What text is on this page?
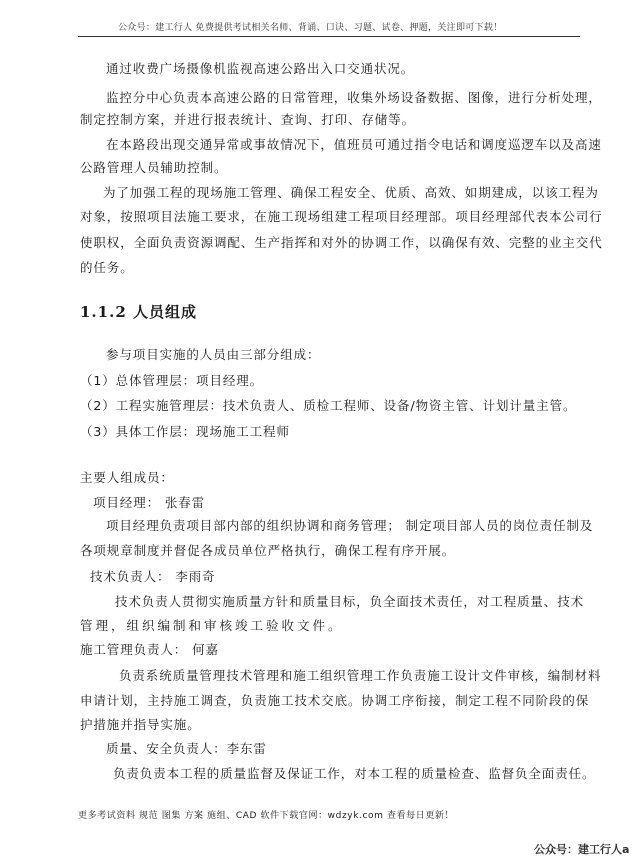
公众号：建工行人 免费提供考试相关名师、背诵、口诀、习题、试卷、押题，关注即可下载！
通过收费广场摄像机监视高速公路出入口交通状况。
监控分中心负责本高速公路的日常管理，收集外场设备数据、图像，进行分析处理，
制定控制方案，并进行报表统计、查询、打印、存储等。
在本路段出现交通异常或事故情况下，值班员可通过指令电话和调度巡逻车以及高速
公路管理人员辅助控制。
为了加强工程的现场施工管理、确保工程安全、优质、高效、如期建成，以该工程为
对象，按照项目法施工要求，在施工现场组建工程项目经理部。项目经理部代表本公司行
使职权，全面负责资源调配、生产指挥和对外的协调工作，以确保有效、完整的业主交代
的任务。
1.1.2 人员组成
参与项目实施的人员由三部分组成：
（1）总体管理层：项目经理。
（2）工程实施管理层：技术负责人、质检工程师、设备/物资主管、计划计量主管。
（3）具体工作层：现场施工工程师
主要人组成员：
项目经理： 张春雷
项目经理负责项目部内部的组织协调和商务管理； 制定项目部人员的岗位责任制及
各项规章制度并督促各成员单位严格执行，确保工程有序开展。
技术负责人： 李雨奇
技术负责人贯彻实施质量方针和质量目标，负全面技术责任，对工程质量、技术
管理，组织编制和审核竣工验收文件。
施工管理负责人： 何嘉
负责系统质量管理技术管理和施工组织管理工作负责施工设计文件审核，编制材料
申请计划，主持施工调查，负责施工技术交底。协调工序衔接，制定工程不同阶段的保
护措施并指导实施。
质量、安全负责人：李东雷
负责负责本工程的质量监督及保证工作，对本工程的质量检查、监督负全面责任。
更多考试资料 规范 图集 方案 施组、CAD 软件下载官网：wdzyk.com 查看每日更新！
公众号：建工行人a
